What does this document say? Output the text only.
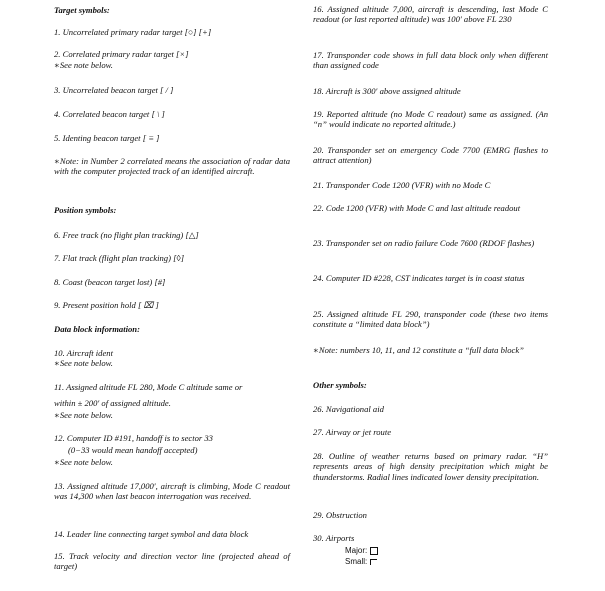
Target symbols:
1. Uncorrelated primary radar target [○] [+]
2. Correlated primary radar target [×]
∗See note below.
3. Uncorrelated beacon target [ / ]
4. Correlated beacon target [ \ ]
5. Identing beacon target [ ≡ ]
∗Note: in Number 2 correlated means the association of radar data with the computer projected track of an identified aircraft.
Position symbols:
6. Free track (no flight plan tracking) [△]
7. Flat track (flight plan tracking) [◊]
8. Coast (beacon target lost) [#]
9. Present position hold [ ⌧ ]
Data block information:
10. Aircraft ident
∗See note below.
11. Assigned altitude FL 280, Mode C altitude same or
within ± 200′ of assigned altitude.
∗See note below.
12. Computer ID #191, handoff is to sector 33
(0−33 would mean handoff accepted)
∗See note below.
13. Assigned altitude 17,000′, aircraft is climbing, Mode C readout was 14,300 when last beacon interrogation was received.
14. Leader line connecting target symbol and data block
15. Track velocity and direction vector line (projected ahead of target)
16. Assigned altitude 7,000, aircraft is descending, last Mode C readout (or last reported altitude) was 100′ above FL 230
17. Transponder code shows in full data block only when different than assigned code
18. Aircraft is 300′ above assigned altitude
19. Reported altitude (no Mode C readout) same as assigned. (An “n” would indicate no reported altitude.)
20. Transponder set on emergency Code 7700 (EMRG flashes to attract attention)
21. Transponder Code 1200 (VFR) with no Mode C
22. Code 1200 (VFR) with Mode C and last altitude readout
23. Transponder set on radio failure Code 7600 (RDOF flashes)
24. Computer ID #228, CST indicates target is in coast status
25. Assigned altitude FL 290, transponder code (these two items constitute a “limited data block”)
∗Note: numbers 10, 11, and 12 constitute a “full data block”
Other symbols:
26. Navigational aid
27. Airway or jet route
28. Outline of weather returns based on primary radar. “H” represents areas of high density precipitation which might be thunderstorms. Radial lines indicated lower density precipitation.
29. Obstruction
30. Airports
Major:
Small:
